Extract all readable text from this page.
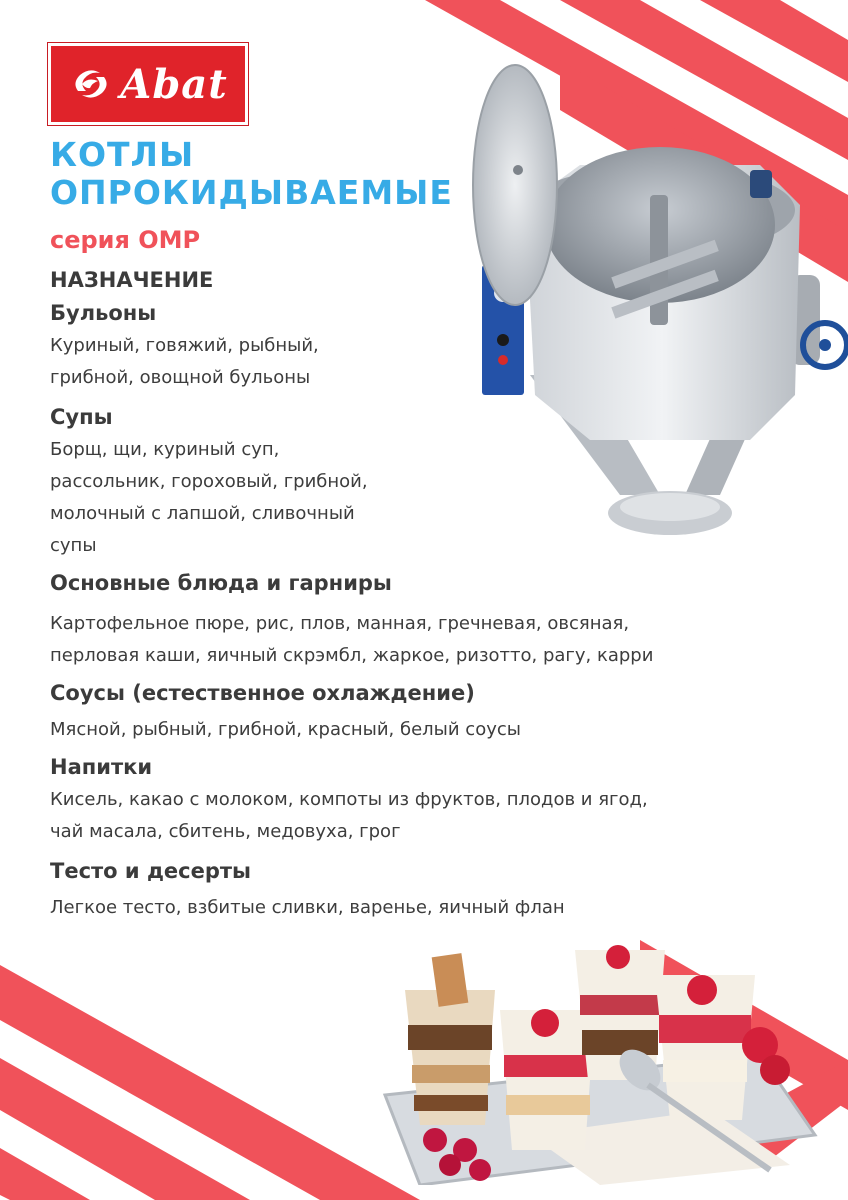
Abat
КОТЛЫ
ОПРОКИДЫВАЕМЫЕ
серия ОМР
НАЗНАЧЕНИЕ
Бульоны
Куриный, говяжий, рыбный,
грибной, овощной бульоны
Супы
Борщ, щи, куриный суп,
рассольник, гороховый, грибной,
молочный с лапшой, сливочный
супы
Основные блюда и гарниры
Картофельное пюре, рис, плов, манная, гречневая, овсяная,
перловая каши, яичный скрэмбл, жаркое, ризотто, рагу, карри
Соусы (естественное охлаждение)
Мясной, рыбный, грибной, красный, белый соусы
Напитки
Кисель, какао с молоком, компоты из фруктов, плодов и ягод,
чай масала, сбитень, медовуха, грог
Тесто и десерты
Легкое тесто, взбитые сливки, варенье, яичный флан
